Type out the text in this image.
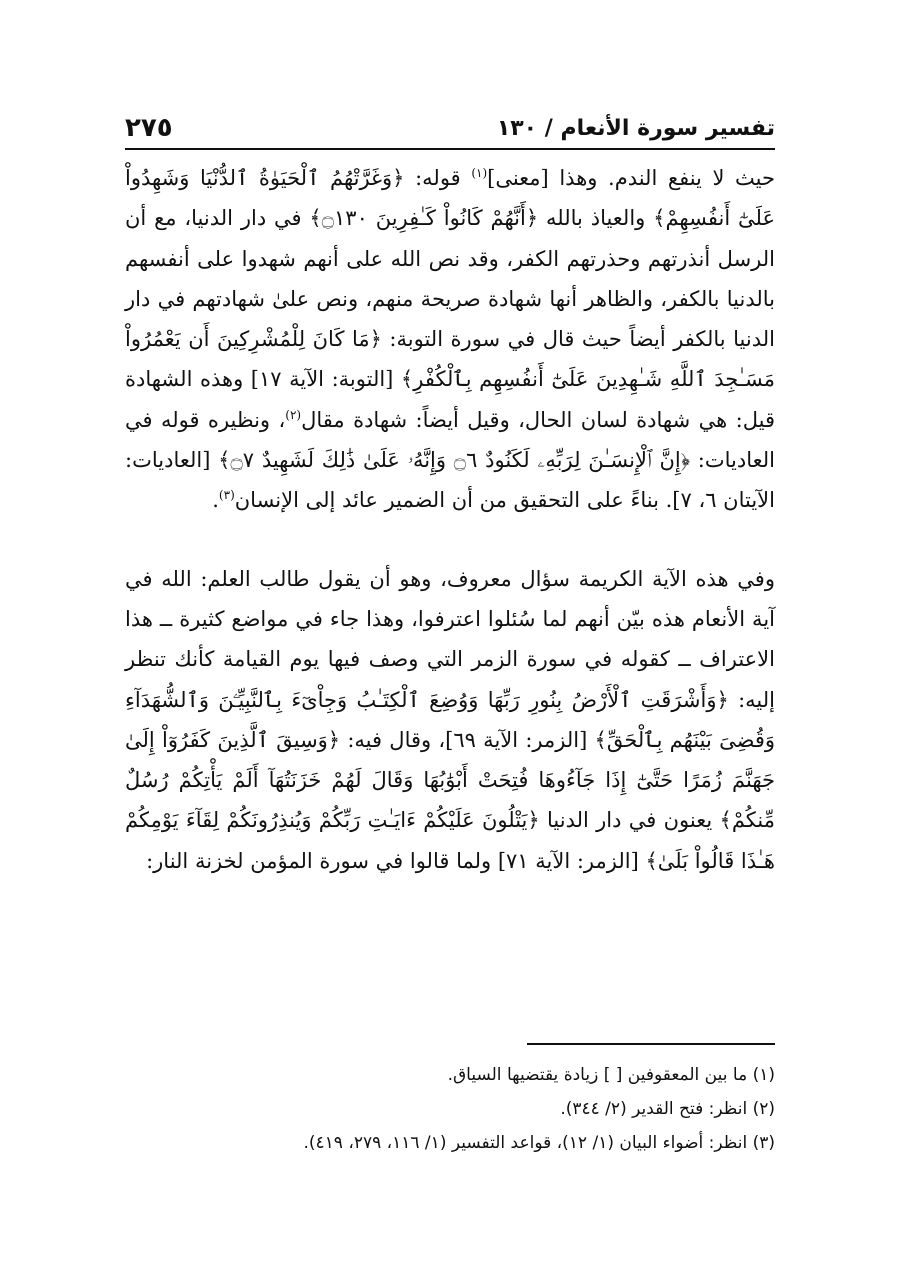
٢٧٥	تفسير سورة الأنعام / ١٣٠

حيث لا ينفع الندم. وهذا [معنى]$^{(١)}$ قوله: ﴿وَغَرَّتْهُمُ ٱلْحَيَوٰةُ ٱلدُّنْيَا وَشَهِدُواْ عَلَىٰٓ أَنفُسِهِمْ﴾ والعياذ بالله ﴿أَنَّهُمْ كَانُواْ كَـٰفِرِينَ ۝١٣٠﴾ في دار الدنيا، مع أن الرسل أنذرتهم وحذرتهم الكفر، وقد نص الله على أنهم شهدوا على أنفسهم بالدنيا بالكفر، والظاهر أنها شهادة صريحة منهم، ونص علىٰ شهادتهم في دار الدنيا بالكفر أيضاً حيث قال في سورة التوبة: ﴿مَا كَانَ لِلْمُشْرِكِينَ أَن يَعْمُرُواْ مَسَـٰجِدَ ٱللَّهِ شَـٰهِدِينَ عَلَىٰٓ أَنفُسِهِم بِٱلْكُفْرِ﴾ [التوبة: الآية ١٧] وهذه الشهادة قيل: هي شهادة لسان الحال، وقيل أيضاً: شهادة مقال$^{(٢)}$، ونظيره قوله في العاديات: ﴿إِنَّ ٱلْإِنسَـٰنَ لِرَبِّهِۦ لَكَنُودٌ ۝٦ وَإِنَّهُۥ عَلَىٰ ذَٰلِكَ لَشَهِيدٌ ۝٧﴾ [العاديات: الآيتان ٦، ٧]. بناءً على التحقيق من أن الضمير عائد إلى الإنسان$^{(٣)}$.

وفي هذه الآية الكريمة سؤال معروف، وهو أن يقول طالب العلم: الله في آية الأنعام هذه بيّن أنهم لما سُئلوا اعترفوا، وهذا جاء في مواضع كثيرة ــ هذا الاعتراف ــ كقوله في سورة الزمر التي وصف فيها يوم القيامة كأنك تنظر إليه: ﴿وَأَشْرَقَتِ ٱلْأَرْضُ بِنُورِ رَبِّهَا وَوُضِعَ ٱلْكِتَـٰبُ وَجِاْىٓءَ بِٱلنَّبِيِّـۧنَ وَٱلشُّهَدَآءِ وَقُضِىَ بَيْنَهُم بِٱلْحَقِّ﴾ [الزمر: الآية ٦٩]، وقال فيه: ﴿وَسِيقَ ٱلَّذِينَ كَفَرُوٓاْ إِلَىٰ جَهَنَّمَ زُمَرًا حَتَّىٰٓ إِذَا جَآءُوهَا فُتِحَتْ أَبْوَٰبُهَا وَقَالَ لَهُمْ خَزَنَتُهَآ أَلَمْ يَأْتِكُمْ رُسُلٌ مِّنكُمْ﴾ يعنون في دار الدنيا ﴿يَتْلُونَ عَلَيْكُمْ ءَايَـٰتِ رَبِّكُمْ وَيُنذِرُونَكُمْ لِقَآءَ يَوْمِكُمْ هَـٰذَا قَالُواْ بَلَىٰ﴾ [الزمر: الآية ٧١] ولما قالوا في سورة المؤمن لخزنة النار:

(١) ما بين المعقوفين [ ] زيادة يقتضيها السياق.
(٢) انظر: فتح القدير (٢/ ٣٤٤).
(٣) انظر: أضواء البيان (١/ ١٢)، قواعد التفسير (١/ ١١٦، ٢٧٩، ٤١٩).
